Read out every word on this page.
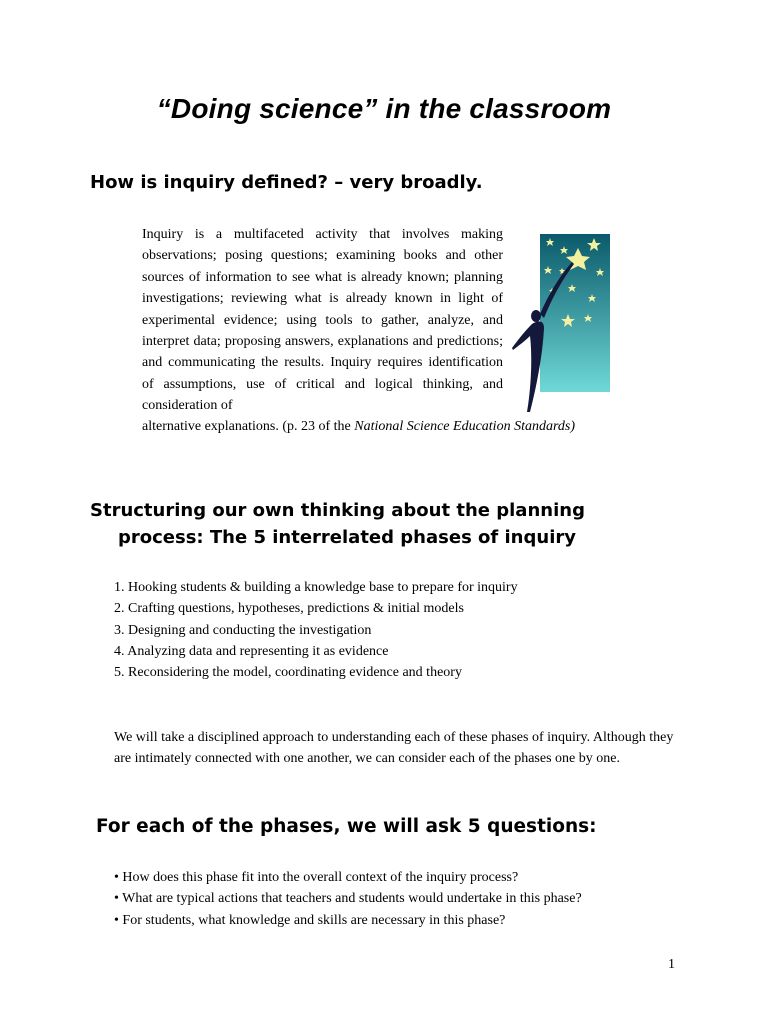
“Doing science” in the classroom
How is inquiry defined? – very broadly.
Inquiry is a multifaceted activity that involves making observations; posing questions; examining books and other sources of information to see what is already known; planning investigations; reviewing what is already known in light of experimental evidence; using tools to gather, analyze, and interpret data; proposing answers, explanations and predictions; and communicating the results. Inquiry requires identification of assumptions, use of critical and logical thinking, and consideration of
alternative explanations. (p. 23 of the National Science Education Standards)
Structuring our own thinking about the planning
process: The 5 interrelated phases of inquiry
1. Hooking students & building a knowledge base to prepare for inquiry
2. Crafting questions, hypotheses, predictions & initial models
3. Designing and conducting the investigation
4. Analyzing data and representing it as evidence
5. Reconsidering the model, coordinating evidence and theory
We will take a disciplined approach to understanding each of these phases of inquiry. Although they are intimately connected with one another, we can consider each of the phases one by one.
For each of the phases, we will ask 5 questions:
• How does this phase fit into the overall context of the inquiry process?
• What are typical actions that teachers and students would undertake in this phase?
• For students, what knowledge and skills are necessary in this phase?
1
